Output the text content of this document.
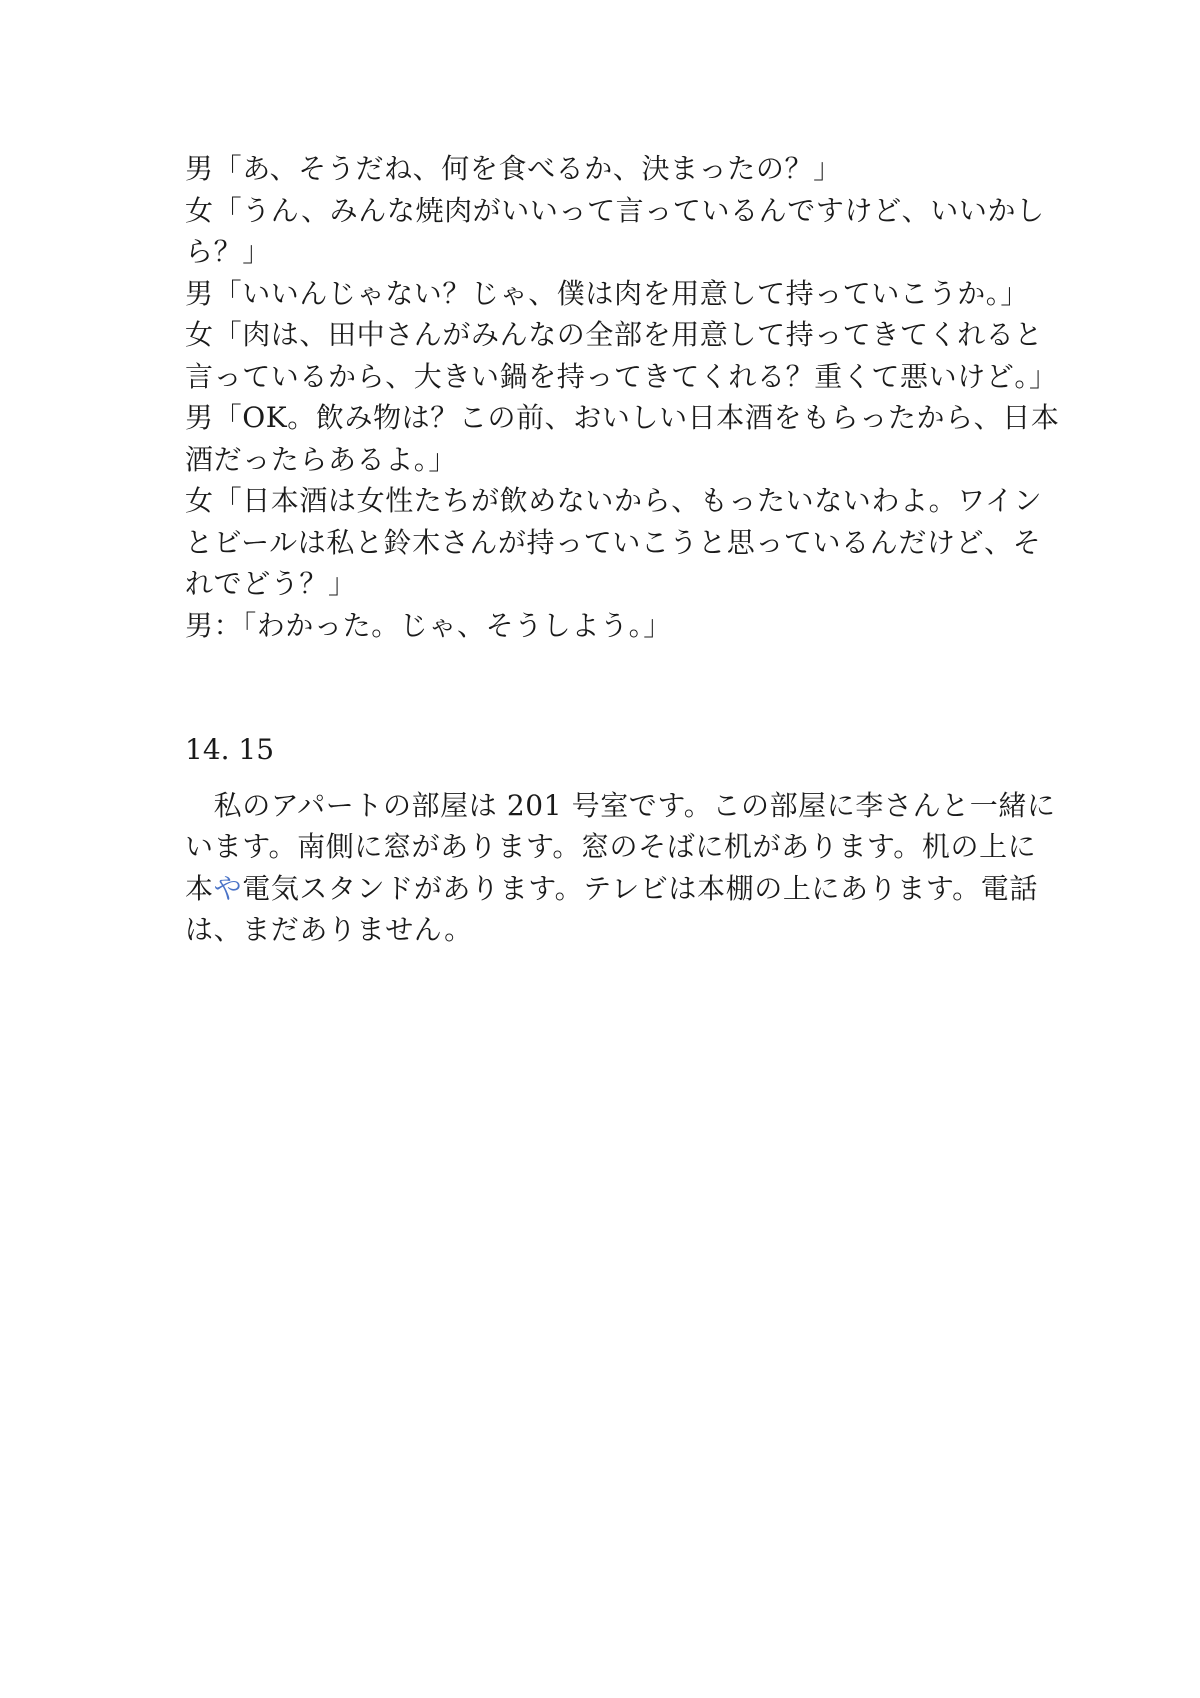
男「あ、そうだね、何を食べるか、決まったの？」
女「うん、みんな焼肉がいいって言っているんですけど、いいかし
ら？」
男「いいんじゃない？じゃ、僕は肉を用意して持っていこうか。」
女「肉は、田中さんがみんなの全部を用意して持ってきてくれると
言っているから、大きい鍋を持ってきてくれる？重くて悪いけど。」
男「OK。飲み物は？この前、おいしい日本酒をもらったから、日本
酒だったらあるよ。」
女「日本酒は女性たちが飲めないから、もったいないわよ。ワイン
とビールは私と鈴木さんが持っていこうと思っているんだけど、そ
れでどう？」
男：「わかった。じゃ、そうしよう。」
14. 15
　私のアパートの部屋は 201 号室です。この部屋に李さんと一緒に
います。南側に窓があります。窓のそばに机があります。机の上に
本や電気スタンドがあります。テレビは本棚の上にあります。電話
は、まだありません。
